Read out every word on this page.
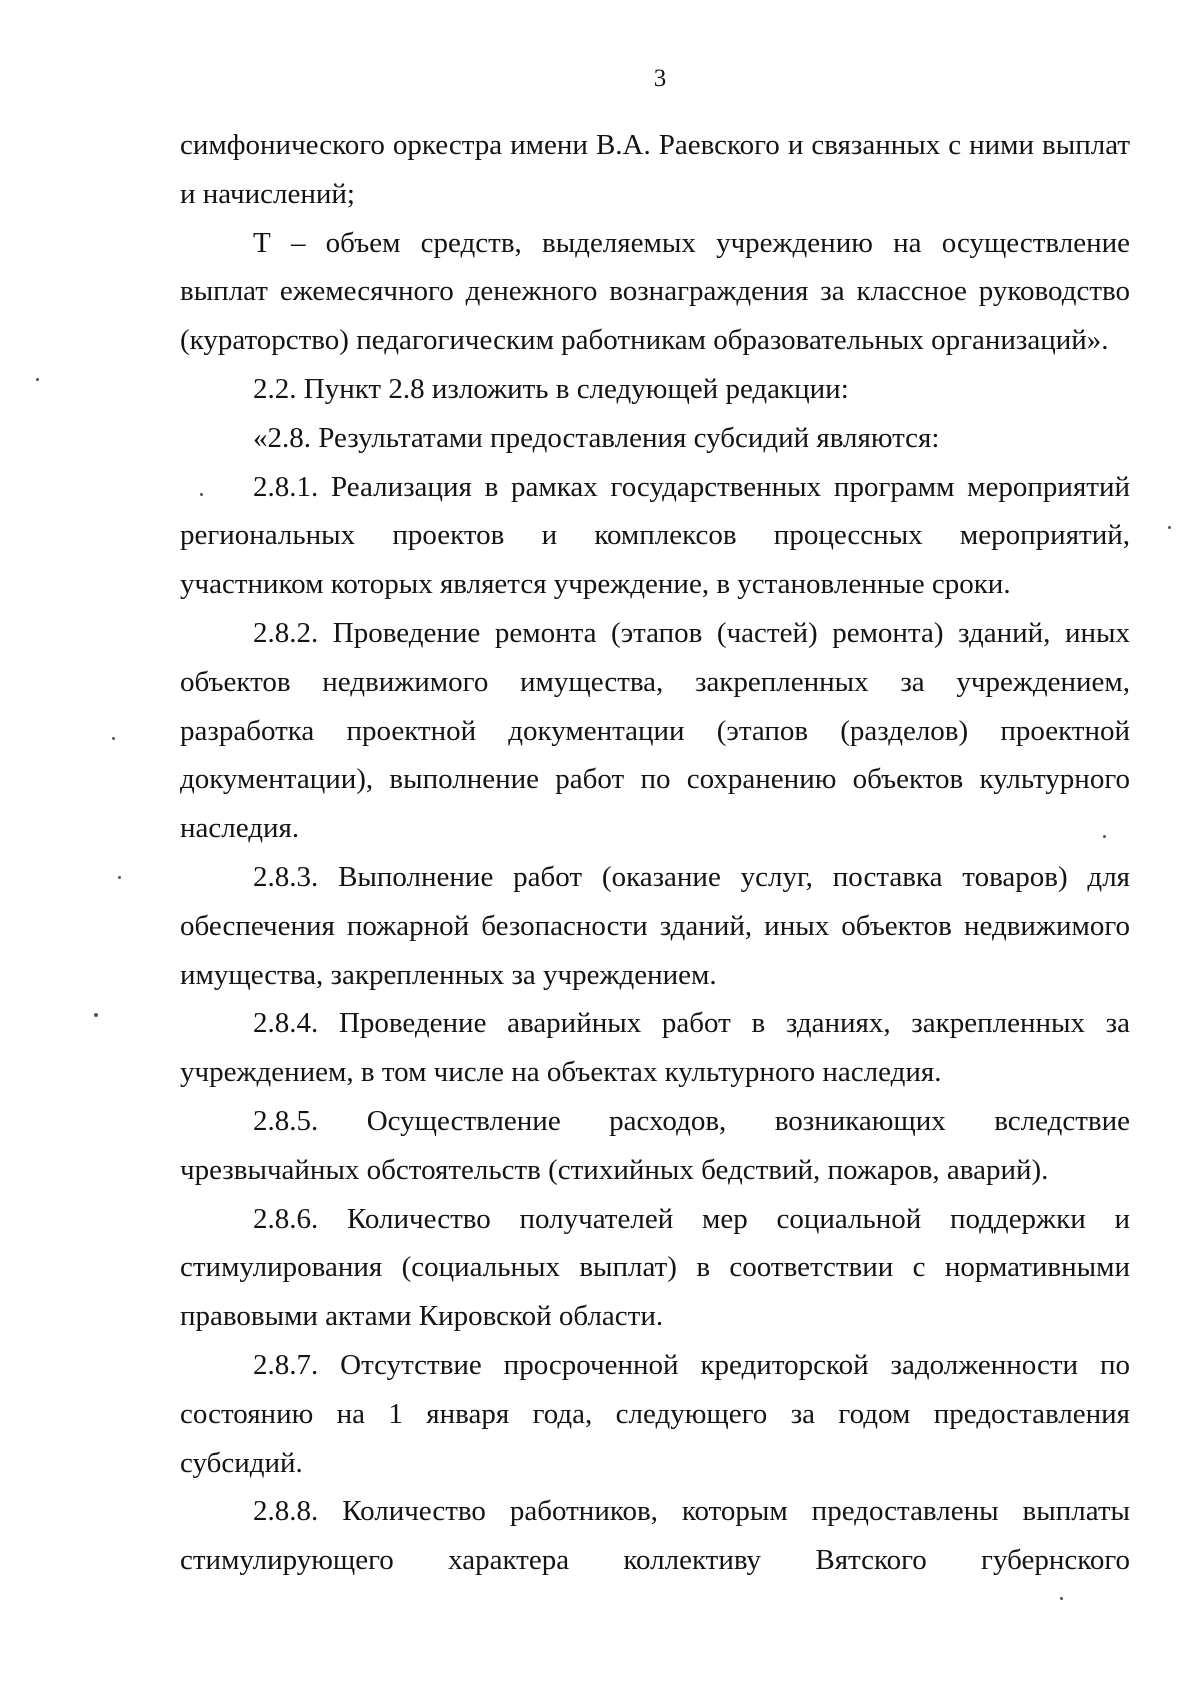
3

симфонического оркестра имени В.А. Раевского и связанных с ними выплат и начислений;

Т – объем средств, выделяемых учреждению на осуществление выплат ежемесячного денежного вознаграждения за классное руководство (кураторство) педагогическим работникам образовательных организаций».

2.2. Пункт 2.8 изложить в следующей редакции:

«2.8. Результатами предоставления субсидий являются:

2.8.1. Реализация в рамках государственных программ мероприятий региональных проектов и комплексов процессных мероприятий, участником которых является учреждение, в установленные сроки.

2.8.2. Проведение ремонта (этапов (частей) ремонта) зданий, иных объектов недвижимого имущества, закрепленных за учреждением, разработка проектной документации (этапов (разделов) проектной документации), выполнение работ по сохранению объектов культурного наследия.

2.8.3. Выполнение работ (оказание услуг, поставка товаров) для обеспечения пожарной безопасности зданий, иных объектов недвижимого имущества, закрепленных за учреждением.

2.8.4. Проведение аварийных работ в зданиях, закрепленных за учреждением, в том числе на объектах культурного наследия.

2.8.5. Осуществление расходов, возникающих вследствие чрезвычайных обстоятельств (стихийных бедствий, пожаров, аварий).

2.8.6. Количество получателей мер социальной поддержки и стимулирования (социальных выплат) в соответствии с нормативными правовыми актами Кировской области.

2.8.7. Отсутствие просроченной кредиторской задолженности по состоянию на 1 января года, следующего за годом предоставления субсидий.

2.8.8. Количество работников, которым предоставлены выплаты стимулирующего характера коллективу Вятского губернского
